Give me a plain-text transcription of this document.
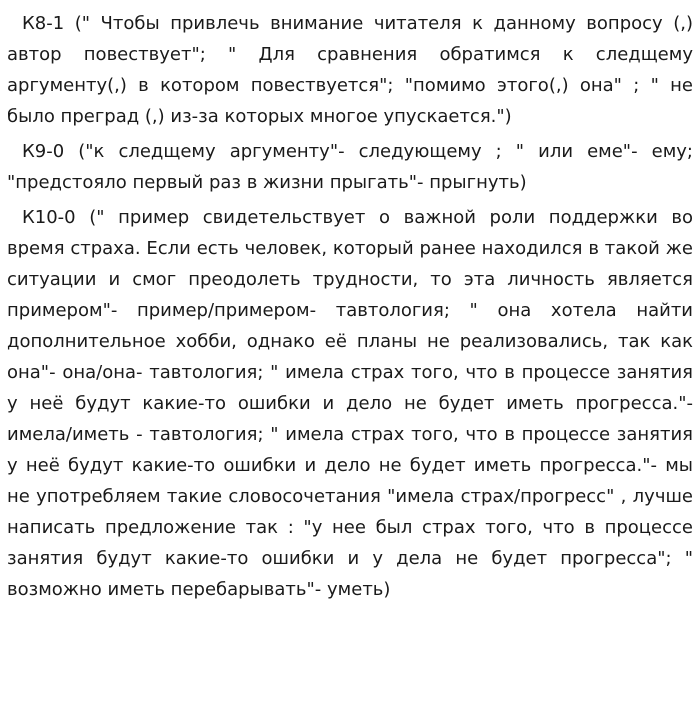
К8-1 (" Чтобы привлечь внимание читателя к данному вопросу (,) автор повествует"; " Для сравнения обратимся к следщему аргументу(,) в котором повествуется"; "помимо этого(,) она" ; " не было преград (,) из-за которых многое упускается.")

К9-0 ("к следщему аргументу"- следующему ; " или еме"- ему; "предстояло первый раз в жизни прыгать"- прыгнуть)

К10-0 (" пример свидетельствует о важной роли поддержки во время страха. Если есть человек, который ранее находился в такой же ситуации и смог преодолеть трудности, то эта личность является примером"- пример/примером- тавтология; " она хотела найти дополнительное хобби, однако её планы не реализовались, так как она"- она/она- тавтология; " имела страх того, что в процессе занятия у неё будут какие-то ошибки и дело не будет иметь прогресса."- имела/иметь - тавтология; " имела страх того, что в процессе занятия у неё будут какие-то ошибки и дело не будет иметь прогресса."- мы не употребляем такие словосочетания "имела страх/прогресс" , лучше написать предложение так : "у нее был страх того, что в процессе занятия будут какие-то ошибки и у дела не будет прогресса"; " возможно иметь перебарывать"- уметь)
